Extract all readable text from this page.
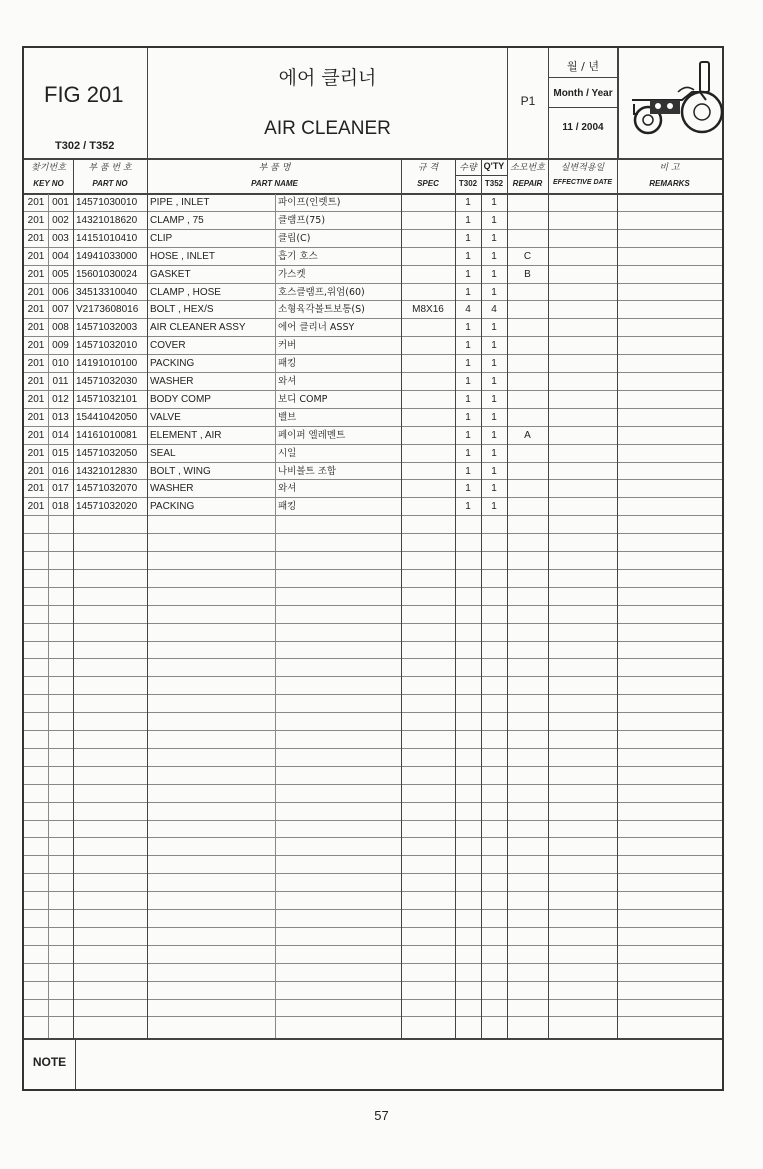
FIG 201
T302 / T352
에어 클리너
AIR CLEANER
P1
월 / 년
Month / Year
11 / 2004
찾기번호
KEY NO
부 품 번 호
PART NO
부 품 명
PART NAME
규 격
SPEC
수량 Q'TY
T302 T352
소모번호
REPAIR
실변적용일
EFFECTIVE DATE
비 고
REMARKS
201 001 14571030010	PIPE , INLET	파이프(인렛트)	1	1
201 002 14321018620	CLAMP , 75	클램프(75)	1	1
201 003 14151010410	CLIP	클립(C)	1	1
201 004 14941033000	HOSE , INLET	흡기 호스	1	1	C
201 005 15601030024	GASKET	가스켓	1	1	B
201 006 34513310040	CLAMP , HOSE	호스클램프,위엄(60)	1	1
201 007 V2173608016	BOLT , HEX/S	소형육각볼트보통(S)	M8X16	4	4
201 008 14571032003	AIR CLEANER ASSY	에어 클리너 ASSY	1	1
201 009 14571032010	COVER	커버	1	1
201 010 14191010100	PACKING	패킹	1	1
201 011 14571032030	WASHER	와셔	1	1
201 012 14571032101	BODY COMP	보디 COMP	1	1
201 013 15441042050	VALVE	밸브	1	1
201 014 14161010081	ELEMENT , AIR	페이퍼 엘레멘트	1	1	A
201 015 14571032050	SEAL	시일	1	1
201 016 14321012830	BOLT , WING	나비볼트 조합	1	1
201 017 14571032070	WASHER	와셔	1	1
201 018 14571032020	PACKING	패킹	1	1
NOTE
57
